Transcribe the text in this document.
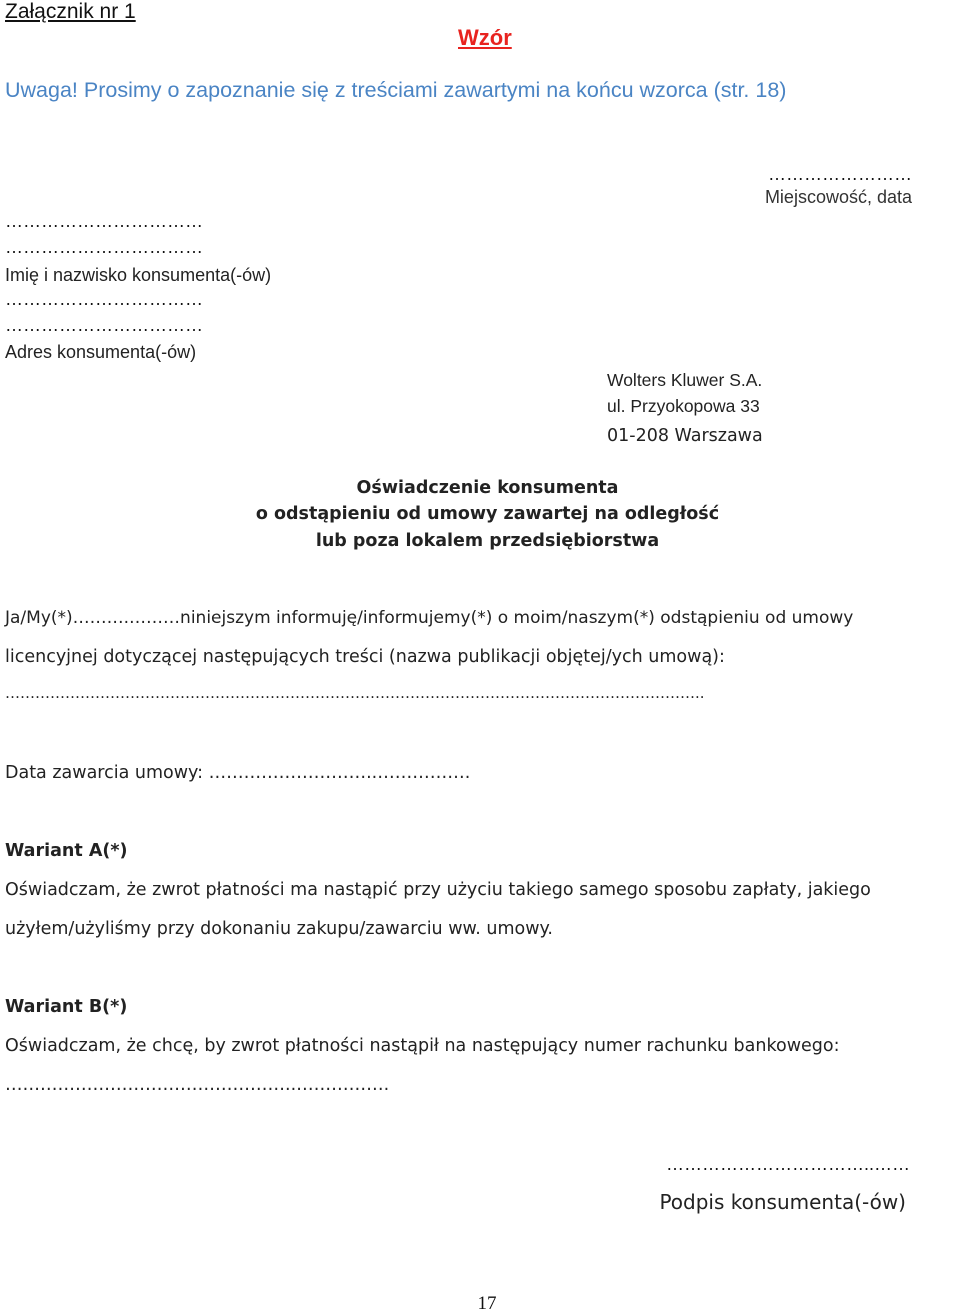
Załącznik nr 1
Wzór
Uwaga! Prosimy o zapoznanie się z treściami zawartymi na końcu wzorca (str. 18)
……………………
Miejscowość, data
……………………………
……………………………
Imię i nazwisko konsumenta(-ów)
……………………………
……………………………
Adres konsumenta(-ów)
Wolters Kluwer S.A.
ul. Przyokopowa 33
01-208 Warszawa
Oświadczenie konsumenta
o odstąpieniu od umowy zawartej na odległość
lub poza lokalem przedsiębiorstwa
Ja/My(*)……….………niniejszym informuję/informujemy(*) o moim/naszym(*) odstąpieniu od umowy
licencyjnej dotyczącej następujących treści (nazwa publikacji objętej/ych umową):
…………………………………………………………………………………………………………………………..
Data zawarcia umowy: ………………………..…………….
Wariant A(*)
Oświadczam, że zwrot płatności ma nastąpić przy użyciu takiego samego sposobu zapłaty, jakiego
użyłem/użyliśmy przy dokonaniu zakupu/zawarciu ww. umowy.
Wariant B(*)
Oświadczam, że chcę, by zwrot płatności nastąpił na następujący numer rachunku bankowego:
…………………………………………..…………….
……………………………..……
Podpis konsumenta(-ów)
17
